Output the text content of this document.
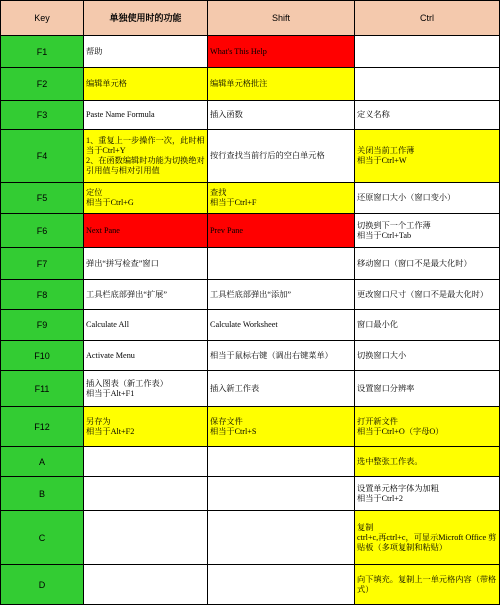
Key	单独使用时的功能	Shift	Ctrl

F1	帮助	What's This Help	

F2	编辑单元格	编辑单元格批注	

F3	Paste Name Formula	插入函数	定义名称

F4	1、重复上一步操作一次，此时相当于Ctrl+Y
2、在函数编辑时功能为切换绝对引用值与相对引用值	按行查找当前行后的空白单元格	关闭当前工作薄
相当于Ctrl+W

F5	定位
相当于Ctrl+G	查找
相当于Ctrl+F	还原窗口大小（窗口变小）

F6	Next Pane	Prev Pane	切换到下一个工作薄
相当于Ctrl+Tab

F7	弹出“拼写检查”窗口		移动窗口（窗口不是最大化时）

F8	工具栏底部弹出“扩展”	工具栏底部弹出“添加”	更改窗口尺寸（窗口不是最大化时）

F9	Calculate All	Calculate Worksheet	窗口最小化

F10	Activate Menu	相当于鼠标右键（调出右键菜单）	切换窗口大小

F11	插入图表（新工作表）
相当于Alt+F1	插入新工作表	设置窗口分辨率

F12	另存为
相当于Alt+F2	保存文件
相当于Ctrl+S	打开新文件
相当于Ctrl+O（字母O）

A			选中整张工作表。

B			设置单元格字体为加粗
相当于Ctrl+2

C			复制
ctrl+c,再ctrl+c，可显示Microft Office 剪贴板（多项复制和粘贴）

D			向下填充。复制上一单元格内容（带格式）
